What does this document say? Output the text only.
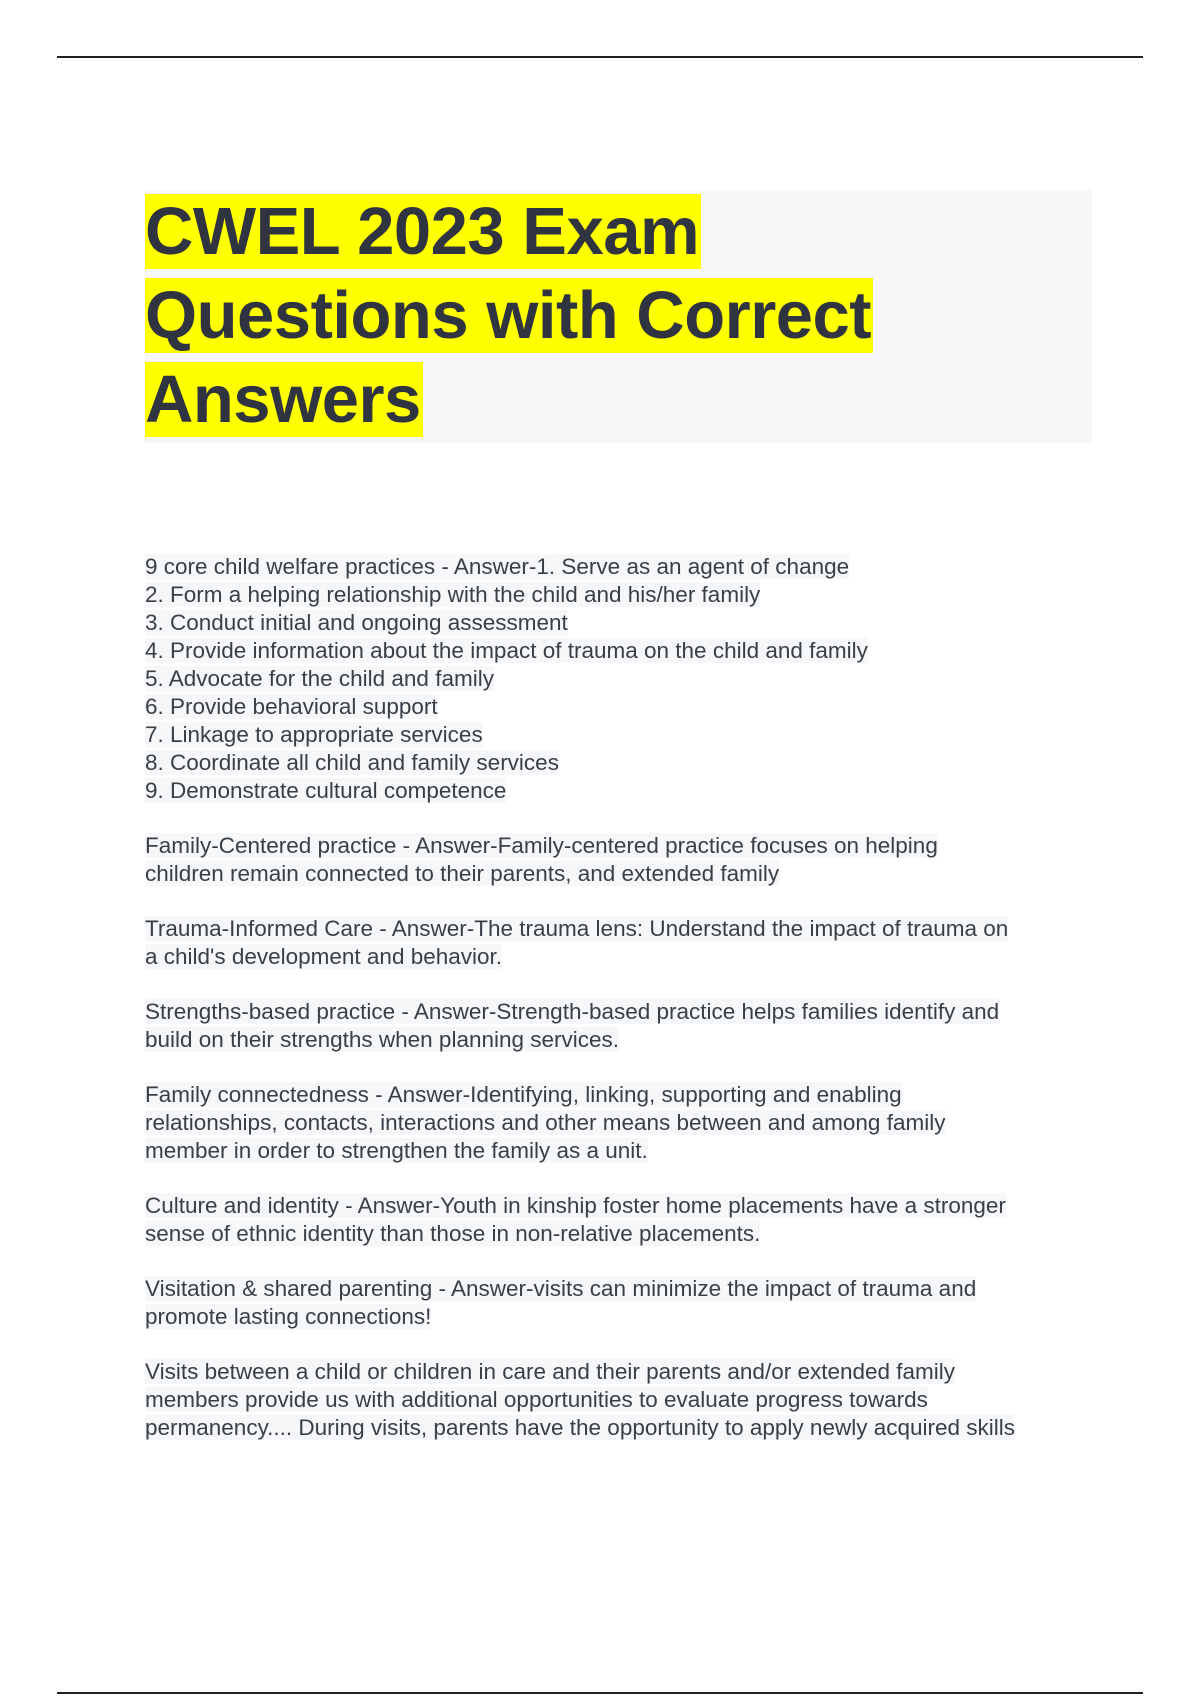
CWEL 2023 Exam
Questions with Correct
Answers
9 core child welfare practices - Answer-1. Serve as an agent of change
2. Form a helping relationship with the child and his/her family
3. Conduct initial and ongoing assessment
4. Provide information about the impact of trauma on the child and family
5. Advocate for the child and family
6. Provide behavioral support
7. Linkage to appropriate services
8. Coordinate all child and family services
9. Demonstrate cultural competence
Family-Centered practice - Answer-Family-centered practice focuses on helping
children remain connected to their parents, and extended family
Trauma-Informed Care - Answer-The trauma lens: Understand the impact of trauma on
a child's development and behavior.
Strengths-based practice - Answer-Strength-based practice helps families identify and
build on their strengths when planning services.
Family connectedness - Answer-Identifying, linking, supporting and enabling
relationships, contacts, interactions and other means between and among family
member in order to strengthen the family as a unit.
Culture and identity - Answer-Youth in kinship foster home placements have a stronger
sense of ethnic identity than those in non-relative placements.
Visitation & shared parenting - Answer-visits can minimize the impact of trauma and
promote lasting connections!
Visits between a child or children in care and their parents and/or extended family
members provide us with additional opportunities to evaluate progress towards
permanency.... During visits, parents have the opportunity to apply newly acquired skills
